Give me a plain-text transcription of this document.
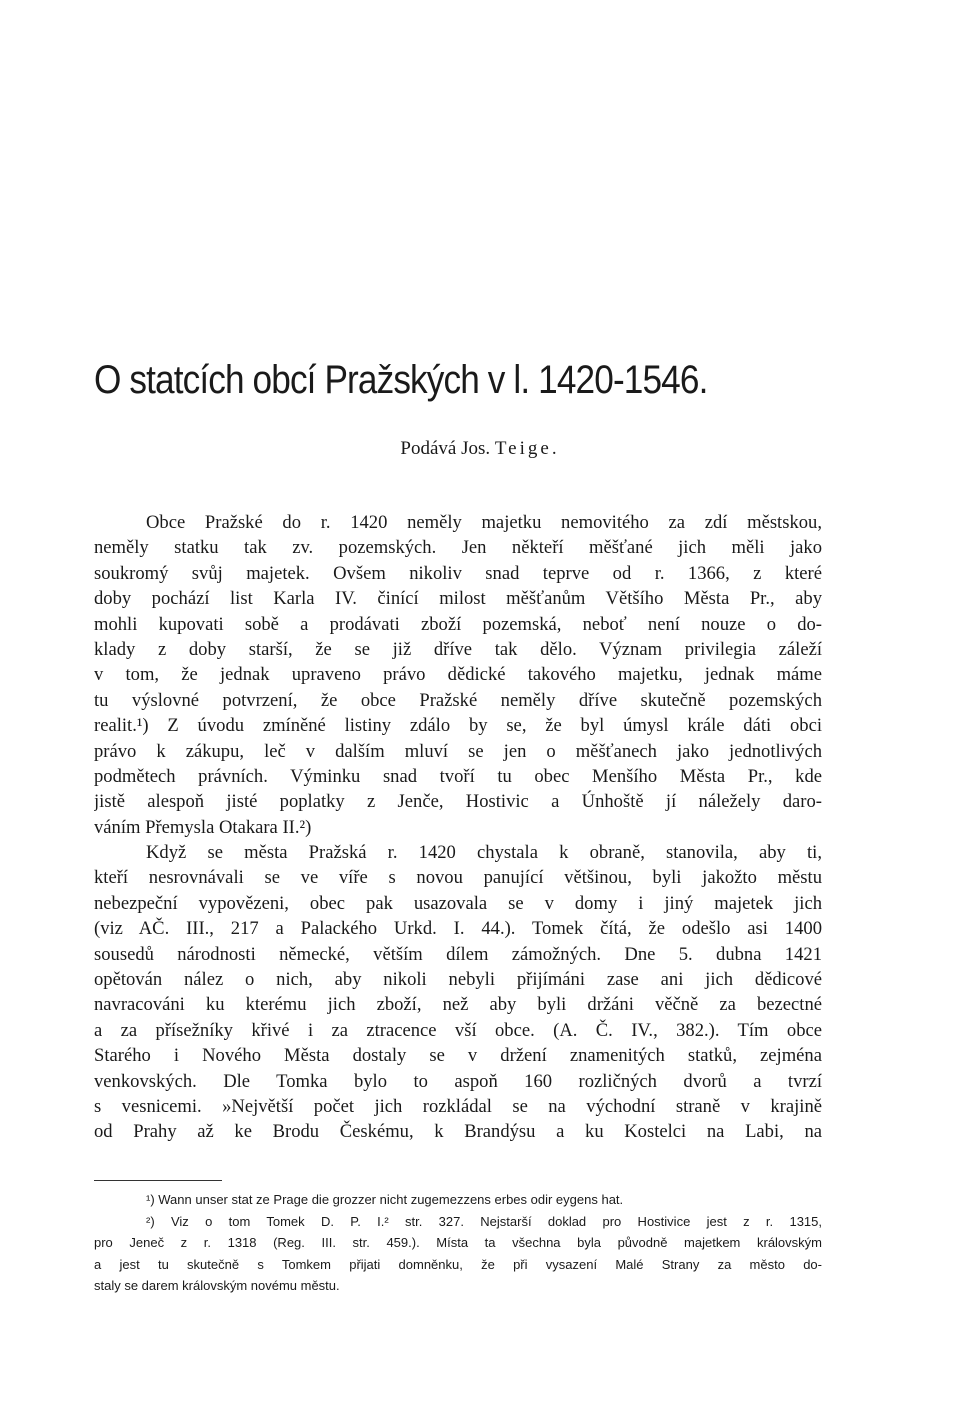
O statcích obcí Pražských v l. 1420-1546.

Podává Jos. Teige.

Obce Pražské do r. 1420 neměly majetku nemovitého za zdí městskou,
neměly statku tak zv. pozemských. Jen někteří měšťané jich měli jako
soukromý svůj majetek. Ovšem nikoliv snad teprve od r. 1366, z které
doby pochází list Karla IV. činící milost měšťanům Většího Města Pr., aby
mohli kupovati sobě a prodávati zboží pozemská, neboť není nouze o do-
klady z doby starší, že se již dříve tak dělo. Význam privilegia záleží
v tom, že jednak upraveno právo dědické takového majetku, jednak máme
tu výslovné potvrzení, že obce Pražské neměly dříve skutečně pozemských
realit.¹) Z úvodu zmíněné listiny zdálo by se, že byl úmysl krále dáti obci
právo k zákupu, leč v dalším mluví se jen o měšťanech jako jednotlivých
podmětech právních. Výminku snad tvoří tu obec Menšího Města Pr., kde
jistě alespoň jisté poplatky z Jenče, Hostivic a Únhoště jí náležely daro-
váním Přemysla Otakara II.²)
Když se města Pražská r. 1420 chystala k obraně, stanovila, aby ti,
kteří nesrovnávali se ve víře s novou panující většinou, byli jakožto městu
nebezpeční vypovězeni, obec pak usazovala se v domy i jiný majetek jich
(viz AČ. III., 217 a Palackého Urkd. I. 44.). Tomek čítá, že odešlo asi 1400
sousedů národnosti německé, větším dílem zámožných. Dne 5. dubna 1421
opětován nález o nich, aby nikoli nebyli přijímáni zase ani jich dědicové
navracováni ku kterému jich zboží, než aby byli držáni věčně za bezectné
a za přísežníky křivé i za ztracence vší obce. (A. Č. IV., 382.). Tím obce
Starého i Nového Města dostaly se v držení znamenitých statků, zejména
venkovských. Dle Tomka bylo to aspoň 160 rozličných dvorů a tvrzí
s vesnicemi. »Největší počet jich rozkládal se na východní straně v krajině
od Prahy až ke Brodu Českému, k Brandýsu a ku Kostelci na Labi, na
¹) Wann unser stat ze Prage die grozzer nicht zugemezzens erbes odir eygens hat.
²) Viz o tom Tomek D. P. I.² str. 327. Nejstarší doklad pro Hostivice jest z r. 1315,
pro Jeneč z r. 1318 (Reg. III. str. 459.). Místa ta všechna byla původně majetkem královským
a jest tu skutečně s Tomkem přijati domněnku, že při vysazení Malé Strany za město do-
staly se darem královským novému městu.
